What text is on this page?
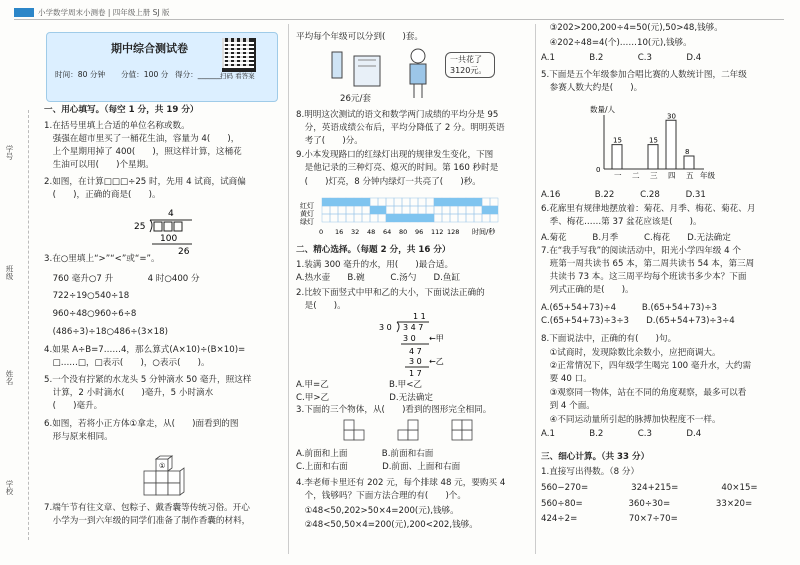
小学数学周末小测卷 | 四年级上册 SJ 版
期中综合测试卷
时间：80 分钟 分值：100 分 得分：______ 扫码 看答案
学号
班级
姓名
学校
一、用心填写。（每空 1 分，共 19 分）
1.在括号里填上合适的单位名称或数。
　强强在超市里买了一桶花生油，容量为 4(　　)，
　上个星期用掉了 400(　　)，照这样计算，这桶花
　生油可以用(　　)个星期。
2.如图，在计算□□□÷25 时，先用 4 试商，试商偏
　(　　)，正确的商是(　　)。
3.在○里填上“>”“<”或“=”。
　760 毫升○7 升　　　　4 时○400 分
　722÷19○540÷18
　960÷48○960÷6÷8
　(486÷3)÷18○486÷(3×18)
4.如果 A÷B=7……4，那么算式(A×10)÷(B×10)=
　□……□，□表示(　　)，○表示(　　)。
5.一个没有拧紧的水龙头 5 分钟滴水 50 毫升，照这样
　计算，2 小时滴水(　　)毫升，5 小时滴水
　(　　)毫升。
6.如图，若将小正方体①拿走，从(　　)面看到的图
　形与原来相同。
7.端午节有往文章、包粽子、戴香囊等传统习俗。开心
　小学为一到六年级的同学们准备了制作香囊的材料，
平均每个年级可以分到(　　)套。
8.明明这次测试的语文和数学两门成绩的平均分是 95
　分，英语成绩公布后，平均分降低了 2 分。明明英语
　考了(　　)分。
9.小本发现路口的红绿灯出现的规律发生变化，下图
　是他记录的三种灯亮、熄灭的时间。第 160 秒时是
　(　　)灯亮，8 分钟内绿灯一共亮了(　　)秒。
二、精心选择。（每题 2 分，共 16 分）
1.装满 300 毫升的水，用(　　)最合适。
A.热水壶　　B.碗　　　C.汤勺　　D.鱼缸
2.比较下面竖式中甲和乙的大小，下面说法正确的
　是(　　)。
A.甲=乙　　　　　　　B.甲<乙
C.甲>乙　　　　　　　D.无法确定
3.下面的三个物体，从(　　)看到的图形完全相同。
A.前面和上面　　　　B.前面和右面
C.上面和右面　　　　D.前面、上面和右面
4.李老师卡里还有 202 元，每个排球 48 元，要购买 4
　个，钱够吗？下面方法合理的有(　　)个。
　①48<50,202>50×4=200(元),钱够。
　②48<50,50×4=200(元),200<202,钱够。
　③202>200,200÷4=50(元),50>48,钱够。
　④202÷48=4(个)……10(元),钱够。
A.1　　　　B.2　　　　C.3　　　　D.4
5.下面是五个年级参加合唱比赛的人数统计图，二年级
　参赛人数大约是(　　)。
A.16　　　　B.22　　　C.28　　　D.31
6.花廊里有规律地摆放着：菊花、月季、梅花、菊花、月
　季、梅花……第 37 盆花应该是(　　)。
A.菊花　　　B.月季　　　C.梅花　　D.无法确定
7.在“我手写我”的阅读活动中，阳光小学四年级 4 个
　班第一周共读书 65 本，第二周共读书 54 本，第三周
　共读书 73 本。这三周平均每个班读书多少本？下面
　列式正确的是(　　)。
A.(65+54+73)÷4　　　B.(65+54+73)÷3
C.(65+54+73)÷3÷3　　D.(65+54+73)÷3÷4
8.下面说法中，正确的有(　　)句。
　①试商时，发现除数比余数小，应把商调大。
　②正常情况下，四年级学生喝完 100 毫升水，大约需
　要 40 口。
　③观察同一物体，站在不同的角度观察，最多可以看
　到 4 个面。
　④不同运动量所引起的脉搏加快程度不一样。
A.1　　　　B.2　　　　C.3　　　　D.4
三、细心计算。（共 33 分）
1.直接写出得数。（8 分）
560−270=　　　　　324+215=　　　　　40×15=
560÷80=　　　　　 360÷30=　　　　　 33×20=
424÷2=　　　　　　70×7÷70=
4
25
100
26
①
26元/套
一共花了 3120元。
红灯
黄灯
绿灯
0 16 32 48 64 80 96 112 128 时间/秒
1 1
3 0 3 4 7
3 0 ←甲
4 7
3 0 ←乙
1 7
数量/人
0
15
一 二
15
三
30
四
8
五 年级
